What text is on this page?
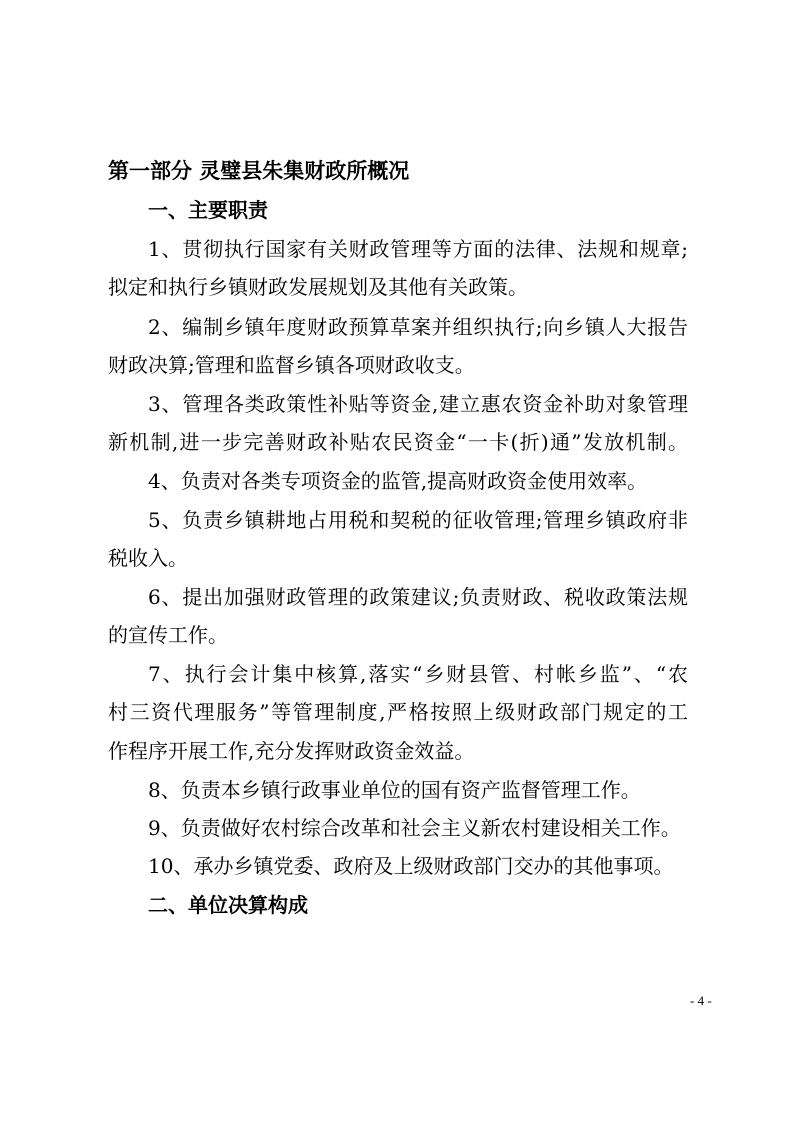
第一部分 灵璧县朱集财政所概况
一、主要职责
1、贯彻执行国家有关财政管理等方面的法律、法规和规章;
拟定和执行乡镇财政发展规划及其他有关政策。
2、编制乡镇年度财政预算草案并组织执行;向乡镇人大报告
财政决算;管理和监督乡镇各项财政收支。
3、管理各类政策性补贴等资金,建立惠农资金补助对象管理
新机制,进一步完善财政补贴农民资金“一卡(折)通”发放机制。
4、负责对各类专项资金的监管,提高财政资金使用效率。
5、负责乡镇耕地占用税和契税的征收管理;管理乡镇政府非
税收入。
6、提出加强财政管理的政策建议;负责财政、税收政策法规
的宣传工作。
7、执行会计集中核算,落实“乡财县管、村帐乡监”、“农
村三资代理服务”等管理制度,严格按照上级财政部门规定的工
作程序开展工作,充分发挥财政资金效益。
8、负责本乡镇行政事业单位的国有资产监督管理工作。
9、负责做好农村综合改革和社会主义新农村建设相关工作。
10、承办乡镇党委、政府及上级财政部门交办的其他事项。
二、单位决算构成
- 4 -
